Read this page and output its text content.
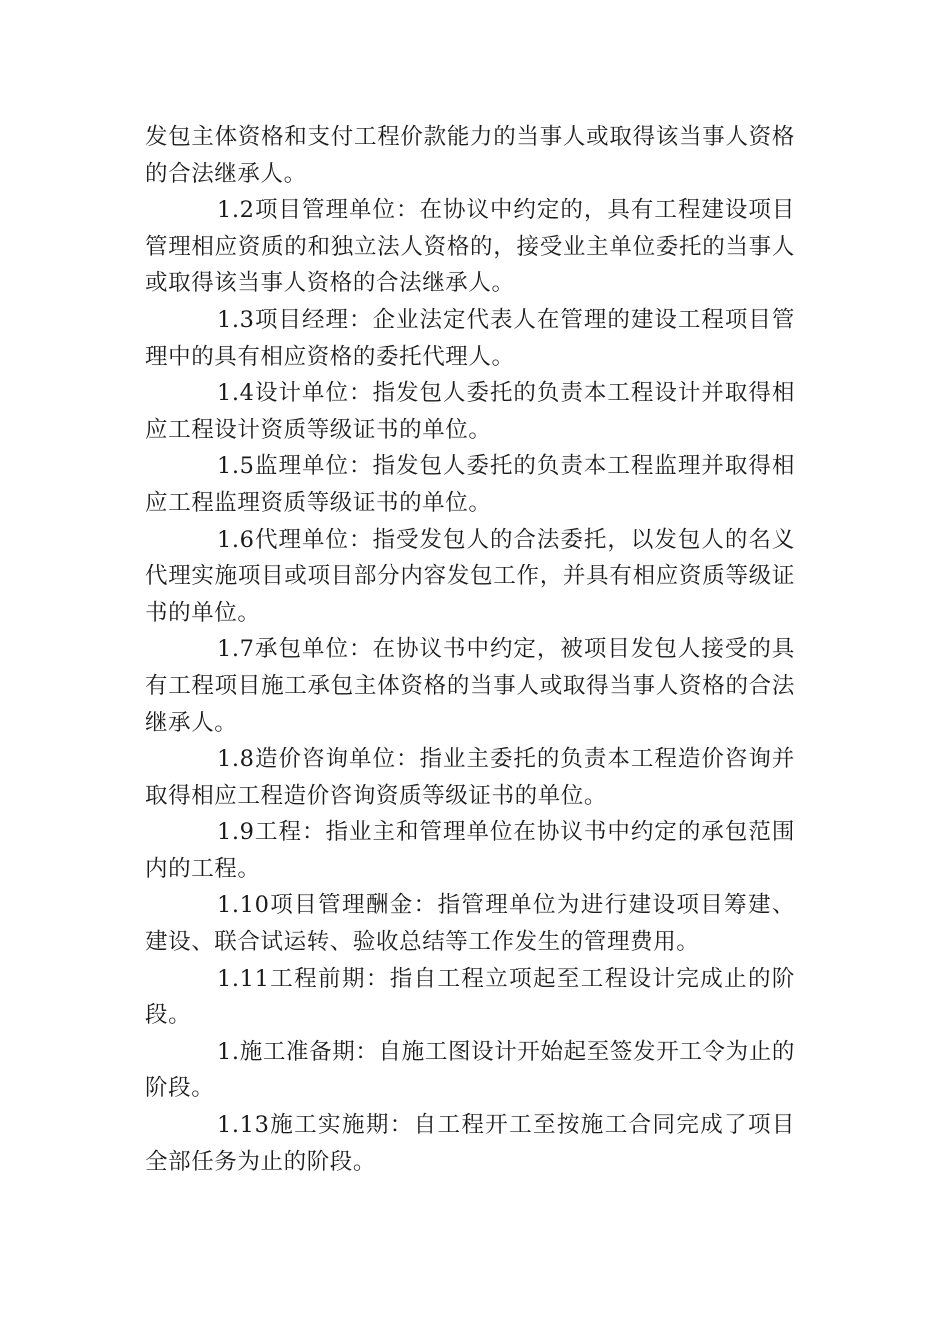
发包主体资格和支付工程价款能力的当事人或取得该当事人资格的合法继承人。

1.2项目管理单位：在协议中约定的，具有工程建设项目管理相应资质的和独立法人资格的，接受业主单位委托的当事人或取得该当事人资格的合法继承人。

1.3项目经理：企业法定代表人在管理的建设工程项目管理中的具有相应资格的委托代理人。

1.4设计单位：指发包人委托的负责本工程设计并取得相应工程设计资质等级证书的单位。

1.5监理单位：指发包人委托的负责本工程监理并取得相应工程监理资质等级证书的单位。

1.6代理单位：指受发包人的合法委托，以发包人的名义代理实施项目或项目部分内容发包工作，并具有相应资质等级证书的单位。

1.7承包单位：在协议书中约定，被项目发包人接受的具有工程项目施工承包主体资格的当事人或取得当事人资格的合法继承人。

1.8造价咨询单位：指业主委托的负责本工程造价咨询并取得相应工程造价咨询资质等级证书的单位。

1.9工程：指业主和管理单位在协议书中约定的承包范围内的工程。

1.10项目管理酬金：指管理单位为进行建设项目筹建、建设、联合试运转、验收总结等工作发生的管理费用。

1.11工程前期：指自工程立项起至工程设计完成止的阶段。

1.施工准备期：自施工图设计开始起至签发开工令为止的阶段。

1.13施工实施期：自工程开工至按施工合同完成了项目全部任务为止的阶段。
